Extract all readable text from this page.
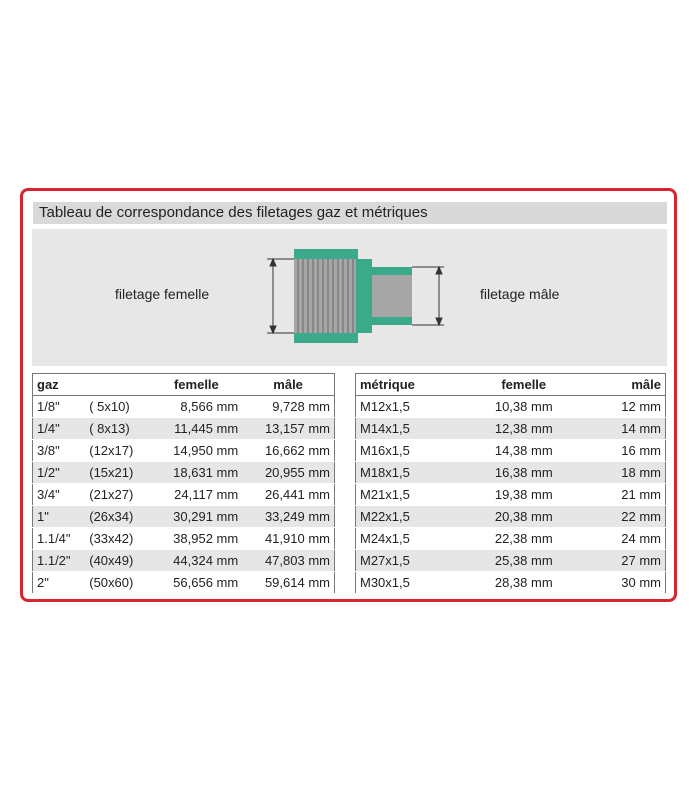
Tableau de correspondance des filetages gaz et métriques
filetage femelle	filetage mâle
gaz		femelle	mâle
1/8"	( 5x10)	8,566 mm	9,728 mm
1/4"	( 8x13)	11,445 mm	13,157 mm
3/8"	(12x17)	14,950 mm	16,662 mm
1/2"	(15x21)	18,631 mm	20,955 mm
3/4"	(21x27)	24,117 mm	26,441 mm
1"	(26x34)	30,291 mm	33,249 mm
1.1/4"	(33x42)	38,952 mm	41,910 mm
1.1/2"	(40x49)	44,324 mm	47,803 mm
2"	(50x60)	56,656 mm	59,614 mm
métrique	femelle	mâle
M12x1,5	10,38 mm	12 mm
M14x1,5	12,38 mm	14 mm
M16x1,5	14,38 mm	16 mm
M18x1,5	16,38 mm	18 mm
M21x1,5	19,38 mm	21 mm
M22x1,5	20,38 mm	22 mm
M24x1,5	22,38 mm	24 mm
M27x1,5	25,38 mm	27 mm
M30x1,5	28,38 mm	30 mm
